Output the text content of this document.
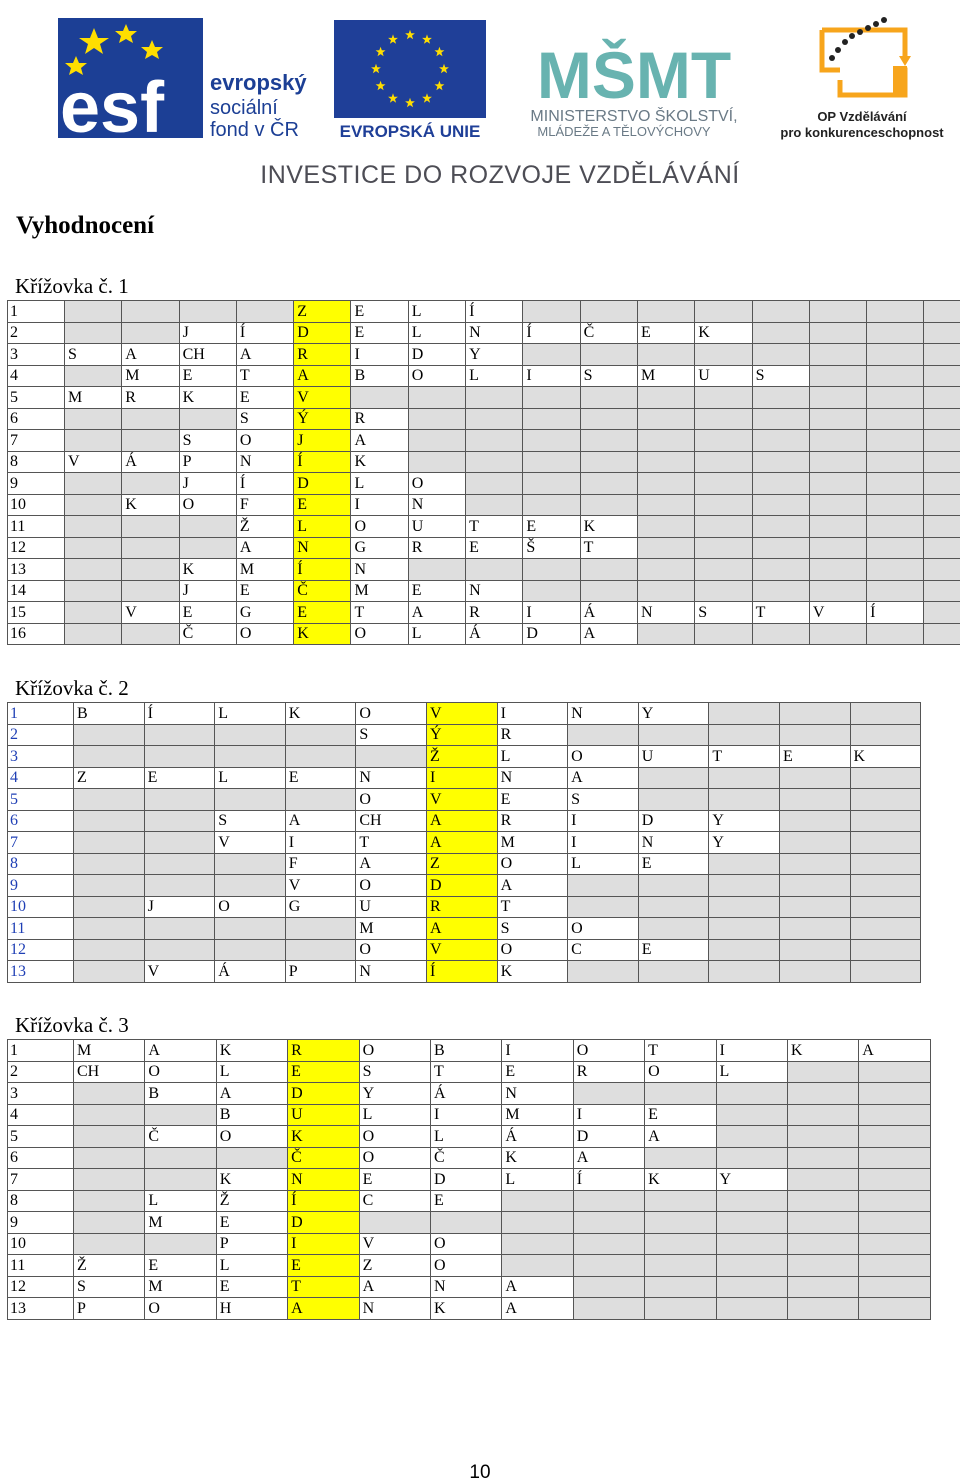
esf evropský
sociální
fond v ČR EVROPSKÁ UNIE
MŠMT
MINISTERSTVO ŠKOLSTVÍ,
MLÁDEŽE A TĚLOVÝCHOVY
OP Vzdělávání
pro konkurenceschopnost
INVESTICE DO ROZVOJE VZDĚLÁVÁNÍ
Vyhodnocení
Křížovka č. 1
1					Z	E	L	Í								
2			J	Í	D	E	L	N	Í	Č	E	K				
3	S	A	CH	A	R	I	D	Y								
4		M	E	T	A	B	O	L	I	S	M	U	S			
5	M	R	K	E	V											
6				S	Ý	R										
7			S	O	J	A										
8	V	Á	P	N	Í	K										
9			J	Í	D	L	O									
10		K	O	F	E	I	N									
11				Ž	L	O	U	T	E	K						
12				A	N	G	R	E	Š	T						
13			K	M	Í	N										
14			J	E	Č	M	E	N								
15		V	E	G	E	T	A	R	I	Á	N	S	T	V	Í	
16			Č	O	K	O	L	Á	D	A						
Křížovka č. 2
1	B	Í	L	K	O	V	I	N	Y			
2					S	Ý	R					
3						Ž	L	O	U	T	E	K
4	Z	E	L	E	N	I	N	A				
5					O	V	E	S				
6			S	A	CH	A	R	I	D	Y		
7			V	I	T	A	M	I	N	Y		
8				F	A	Z	O	L	E			
9				V	O	D	A					
10		J	O	G	U	R	T					
11					M	A	S	O				
12					O	V	O	C	E			
13		V	Á	P	N	Í	K					
Křížovka č. 3
1	M	A	K	R	O	B	I	O	T	I	K	A
2	CH	O	L	E	S	T	E	R	O	L		
3		B	A	D	Y	Á	N					
4			B	U	L	I	M	I	E			
5		Č	O	K	O	L	Á	D	A			
6				Č	O	Č	K	A				
7			K	N	E	D	L	Í	K	Y		
8		L	Ž	Í	C	E						
9		M	E	D								
10			P	I	V	O						
11	Ž	E	L	E	Z	O						
12	S	M	E	T	A	N	A					
13	P	O	H	A	N	K	A					
10
